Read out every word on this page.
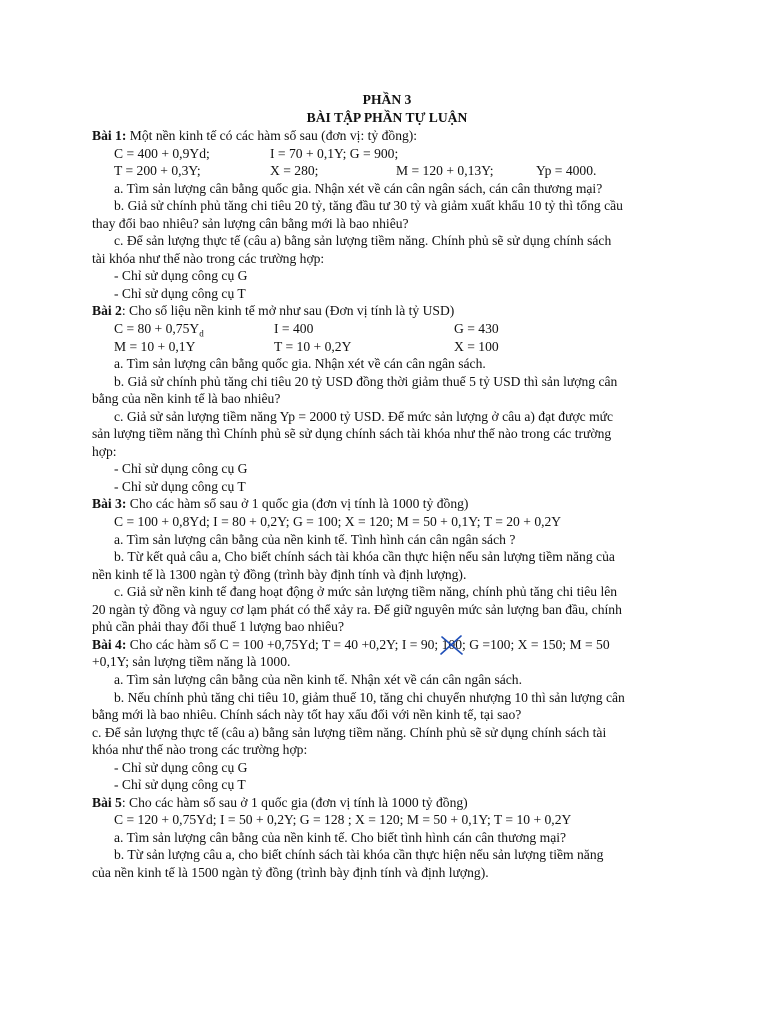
PHẦN 3
BÀI TẬP PHẦN TỰ LUẬN
Bài 1: Một nền kinh tế có các hàm số sau (đơn vị: tỷ đồng):
C = 400 + 0,9Yd;	I = 70 + 0,1Y; G = 900;
T = 200 + 0,3Y;	X = 280;	M = 120 + 0,13Y;	Yp = 4000.
a. Tìm sản lượng cân bằng quốc gia. Nhận xét về cán cân ngân sách, cán cân thương mại?
b. Giả sử chính phủ tăng chi tiêu 20 tỷ, tăng đầu tư 30 tỷ và giảm xuất khẩu 10 tỷ thì tổng cầu
thay đổi bao nhiêu? sản lượng cân bằng mới là bao nhiêu?
c. Để sản lượng thực tế (câu a) bằng sản lượng tiềm năng. Chính phủ sẽ sử dụng chính sách
tài khóa như thế nào trong các trường hợp:
- Chỉ sử dụng công cụ G
- Chỉ sử dụng công cụ T
Bài 2: Cho số liệu nền kinh tế mở như sau (Đơn vị tính là tỷ USD)
$C = 80 + 0,75Y_d$	I = 400	G = 430
M = 10 + 0,1Y	T = 10 + 0,2Y	X = 100
a. Tìm sản lượng cân bằng quốc gia. Nhận xét về cán cân ngân sách.
b. Giả sử chính phủ tăng chi tiêu 20 tỷ USD đồng thời giảm thuế 5 tỷ USD thì sản lượng cân
bằng của nền kinh tế là bao nhiêu?
c. Giả sử sản lượng tiềm năng Yp = 2000 tỷ USD. Để mức sản lượng ở câu a) đạt được mức
sản lượng tiềm năng thì Chính phủ sẽ sử dụng chính sách tài khóa như thế nào trong các trường
hợp:
- Chỉ sử dụng công cụ G
- Chỉ sử dụng công cụ T
Bài 3: Cho các hàm số sau ở 1 quốc gia (đơn vị tính là 1000 tỷ đồng)
C = 100 + 0,8Yd; I = 80 + 0,2Y; G = 100; X = 120; M = 50 + 0,1Y; T = 20 + 0,2Y
a. Tìm sản lượng cân bằng của nền kinh tế. Tình hình cán cân ngân sách ?
b. Từ kết quả câu a, Cho biết chính sách tài khóa cần thực hiện nếu sản lượng tiềm năng của
nền kinh tế là 1300 ngàn tỷ đồng (trình bày định tính và định lượng).
c. Giả sử nền kinh tế đang hoạt động ở mức sản lượng tiềm năng, chính phủ tăng chi tiêu lên
20 ngàn tỷ đồng và nguy cơ lạm phát có thể xảy ra. Để giữ nguyên mức sản lượng ban đầu, chính
phủ cần phải thay đổi thuế 1 lượng bao nhiêu?
Bài 4: Cho các hàm số C = 100 +0,75Yd; T = 40 +0,2Y; I = 90; 100
; G =100; X = 150; M = 50
+0,1Y; sản lượng tiềm năng là 1000.
a. Tìm sản lượng cân bằng của nền kinh tế. Nhận xét về cán cân ngân sách.
b. Nếu chính phủ tăng chi tiêu 10, giảm thuế 10, tăng chi chuyển nhượng 10 thì sản lượng cân
bằng mới là bao nhiêu. Chính sách này tốt hay xấu đối với nền kinh tế, tại sao?
c. Để sản lượng thực tế (câu a) bằng sản lượng tiềm năng. Chính phủ sẽ sử dụng chính sách tài
khóa như thế nào trong các trường hợp:
- Chỉ sử dụng công cụ G
- Chỉ sử dụng công cụ T
Bài 5: Cho các hàm số sau ở 1 quốc gia (đơn vị tính là 1000 tỷ đồng)
C = 120 + 0,75Yd; I = 50 + 0,2Y; G = 128 ; X = 120; M = 50 + 0,1Y; T = 10 + 0,2Y
a. Tìm sản lượng cân bằng của nền kinh tế. Cho biết tình hình cán cân thương mại?
b. Từ sản lượng câu a, cho biết chính sách tài khóa cần thực hiện nếu sản lượng tiềm năng
của nền kinh tế là 1500 ngàn tỷ đồng (trình bày định tính và định lượng).
